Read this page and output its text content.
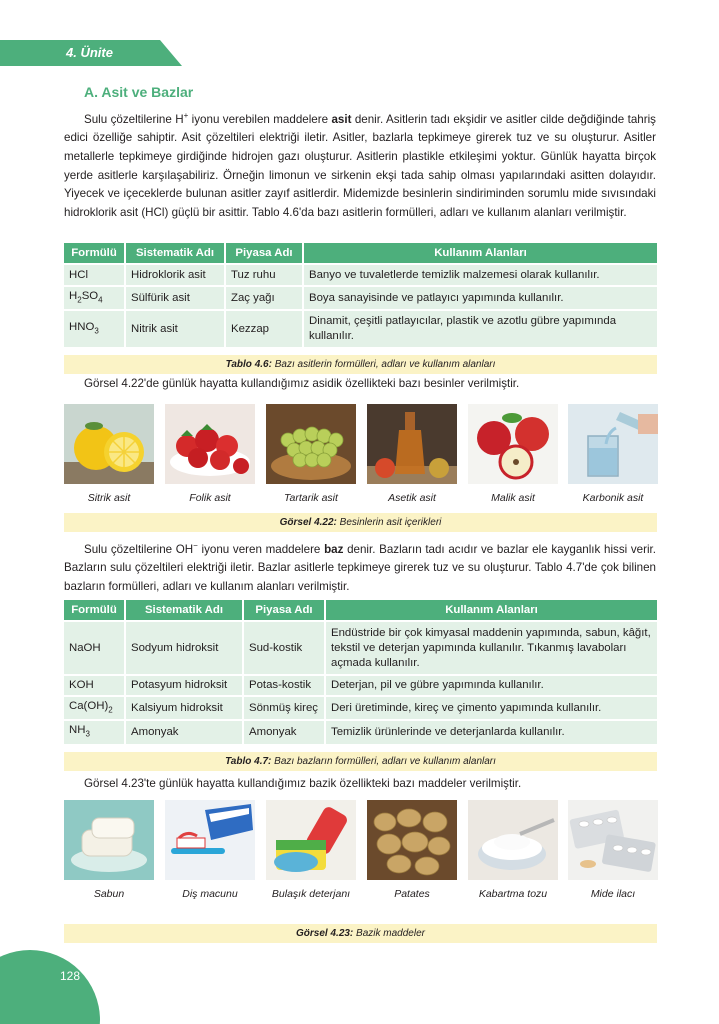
4. Ünite
A. Asit ve Bazlar
Sulu çözeltilerine H+ iyonu verebilen maddelere asit denir. Asitlerin tadı ekşidir ve asitler cilde değdiğinde tahriş edici özelliğe sahiptir. Asit çözeltileri elektriği iletir. Asitler, bazlarla tepkimeye girerek tuz ve su oluşturur. Asitler metallerle tepkimeye girdiğinde hidrojen gazı oluşturur. Asitlerin plastikle etkileşimi yoktur. Günlük hayatta birçok yerde asitlerle karşılaşabiliriz. Örneğin limonun ve sirkenin ekşi tada sahip olması yapılarındaki asitten dolayıdır. Yiyecek ve içeceklerde bulunan asitler zayıf asitlerdir. Midemizde besinlerin sindiriminden sorumlu mide sıvısındaki hidroklorik asit (HCl) güçlü bir asittir. Tablo 4.6'da bazı asitlerin formülleri, adları ve kullanım alanları verilmiştir.
Formülü	Sistematik Adı	Piyasa Adı	Kullanım Alanları
HCl	Hidroklorik asit	Tuz ruhu	Banyo ve tuvaletlerde temizlik malzemesi olarak kullanılır.
$H_2SO_4$	Sülfürik asit	Zaç yağı	Boya sanayisinde ve patlayıcı yapımında kullanılır.
$HNO_3$	Nitrik asit	Kezzap	Dinamit, çeşitli patlayıcılar, plastik ve azotlu gübre yapımında kullanılır.
Tablo 4.6: Bazı asitlerin formülleri, adları ve kullanım alanları
Görsel 4.22'de günlük hayatta kullandığımız asidik özellikteki bazı besinler verilmiştir.
Sitrik asit	Folik asit	Tartarik asit	Asetik asit	Malik asit	Karbonik asit
Görsel 4.22: Besinlerin asit içerikleri
Sulu çözeltilerine OH− iyonu veren maddelere baz denir. Bazların tadı acıdır ve bazlar ele kayganlık hissi verir. Bazların sulu çözeltileri elektriği iletir. Bazlar asitlerle tepkimeye girerek tuz ve su oluşturur. Tablo 4.7'de çok bilinen bazların formülleri, adları ve kullanım alanları verilmiştir.
Formülü	Sistematik Adı	Piyasa Adı	Kullanım Alanları
NaOH	Sodyum hidroksit	Sud-kostik	Endüstride bir çok kimyasal maddenin yapımında, sabun, kâğıt, tekstil ve deterjan yapımında kullanılır. Tıkanmış lavaboları açmada kullanılır.
KOH	Potasyum hidroksit	Potas-kostik	Deterjan, pil ve gübre yapımında kullanılır.
$Ca(OH)_2$	Kalsiyum hidroksit	Sönmüş kireç	Deri üretiminde, kireç ve çimento yapımında kullanılır.
$NH_3$	Amonyak	Amonyak	Temizlik ürünlerinde ve deterjanlarda kullanılır.
Tablo 4.7: Bazı bazların formülleri, adları ve kullanım alanları
Görsel 4.23'te günlük hayatta kullandığımız bazik özellikteki bazı maddeler verilmiştir.
Sabun	Diş macunu	Bulaşık deterjanı	Patates	Kabartma tozu	Mide ilacı
Görsel 4.23: Bazik maddeler
128
